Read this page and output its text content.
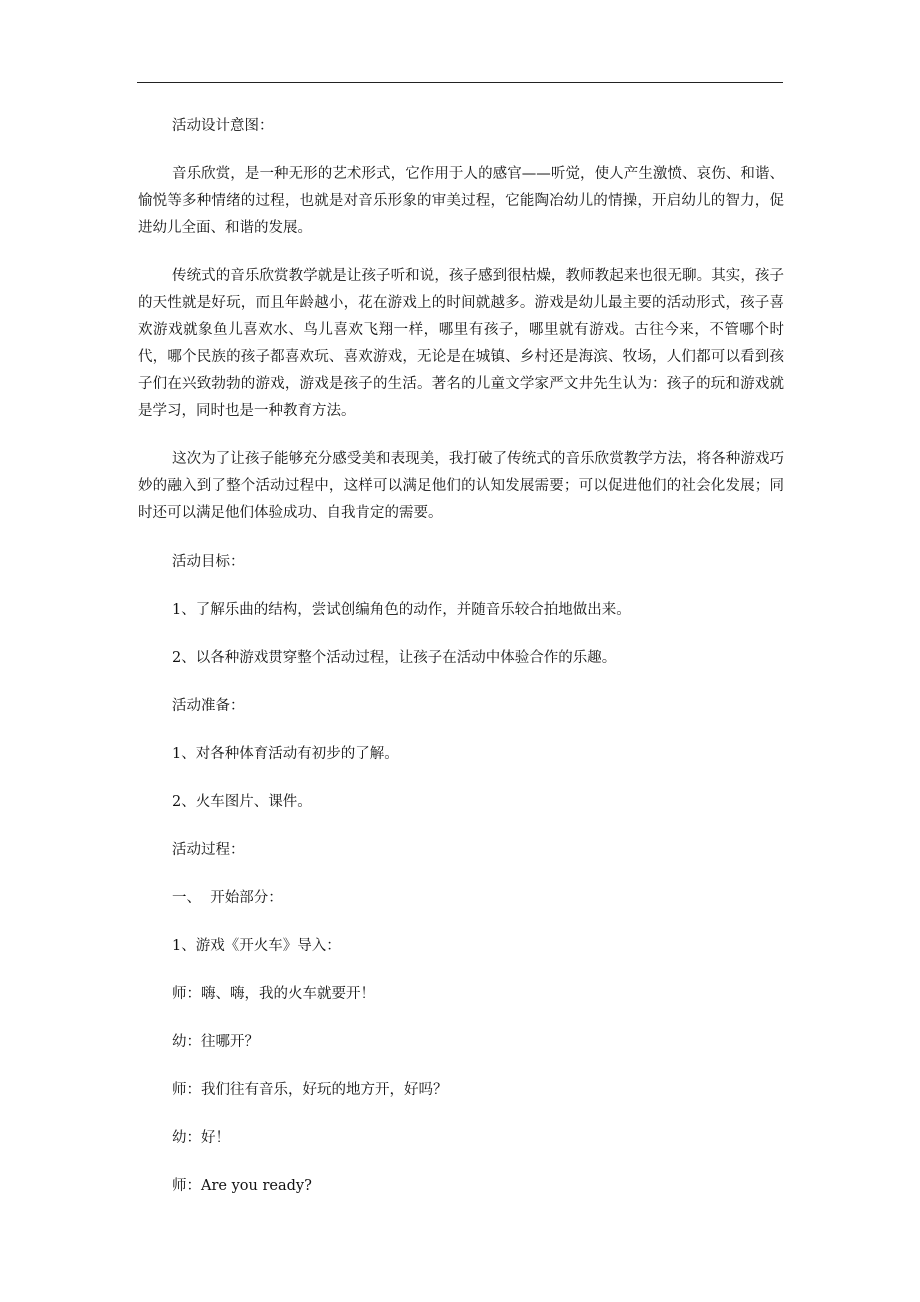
活动设计意图：

音乐欣赏，是一种无形的艺术形式，它作用于人的感官——听觉，使人产生激愤、哀伤、和谐、愉悦等多种情绪的过程，也就是对音乐形象的审美过程，它能陶冶幼儿的情操，开启幼儿的智力，促进幼儿全面、和谐的发展。

传统式的音乐欣赏教学就是让孩子听和说，孩子感到很枯燥，教师教起来也很无聊。其实，孩子的天性就是好玩，而且年龄越小，花在游戏上的时间就越多。游戏是幼儿最主要的活动形式，孩子喜欢游戏就象鱼儿喜欢水、鸟儿喜欢飞翔一样，哪里有孩子，哪里就有游戏。古往今来，不管哪个时代，哪个民族的孩子都喜欢玩、喜欢游戏，无论是在城镇、乡村还是海滨、牧场，人们都可以看到孩子们在兴致勃勃的游戏，游戏是孩子的生活。著名的儿童文学家严文井先生认为：孩子的玩和游戏就是学习，同时也是一种教育方法。

这次为了让孩子能够充分感受美和表现美，我打破了传统式的音乐欣赏教学方法，将各种游戏巧妙的融入到了整个活动过程中，这样可以满足他们的认知发展需要；可以促进他们的社会化发展；同时还可以满足他们体验成功、自我肯定的需要。

活动目标：
1、了解乐曲的结构，尝试创编角色的动作，并随音乐较合拍地做出来。
2、以各种游戏贯穿整个活动过程，让孩子在活动中体验合作的乐趣。
活动准备：
1、对各种体育活动有初步的了解。
2、火车图片、课件。
活动过程：
一、  开始部分：
1、游戏《开火车》导入：
师：嗨、嗨，我的火车就要开！
幼：往哪开？
师：我们往有音乐，好玩的地方开，好吗？
幼：好！
师：Are you ready?
